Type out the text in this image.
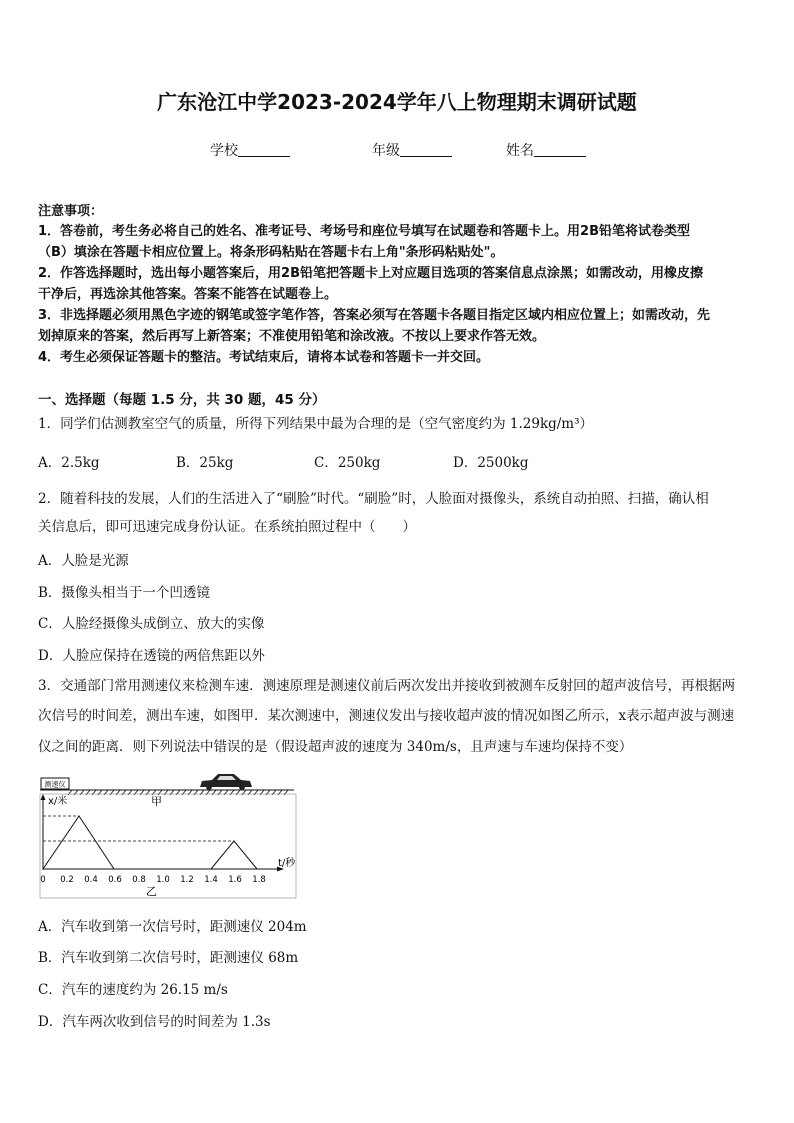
广东沧江中学2023-2024学年八上物理期末调研试题
学校	年级	姓名
注意事项：
1．答卷前，考生务必将自己的姓名、准考证号、考场号和座位号填写在试题卷和答题卡上。用2B铅笔将试卷类型
（B）填涂在答题卡相应位置上。将条形码粘贴在答题卡右上角"条形码粘贴处"。
2．作答选择题时，选出每小题答案后，用2B铅笔把答题卡上对应题目选项的答案信息点涂黑；如需改动，用橡皮擦
干净后，再选涂其他答案。答案不能答在试题卷上。
3．非选择题必须用黑色字迹的钢笔或签字笔作答，答案必须写在答题卡各题目指定区域内相应位置上；如需改动，先
划掉原来的答案，然后再写上新答案；不准使用铅笔和涂改液。不按以上要求作答无效。
4．考生必须保证答题卡的整洁。考试结束后，请将本试卷和答题卡一并交回。
一、选择题（每题 1.5 分，共 30 题，45 分）
1．同学们估测教室空气的质量，所得下列结果中最为合理的是（空气密度约为 1.29kg/m³）
A．2.5kg	B．25kg	C．250kg	D．2500kg
2．随着科技的发展，人们的生活进入了“刷脸”时代。“刷脸”时，人脸面对摄像头，系统自动拍照、扫描，确认相
关信息后，即可迅速完成身份认证。在系统拍照过程中（　　）
A．人脸是光源
B．摄像头相当于一个凹透镜
C．人脸经摄像头成倒立、放大的实像
D．人脸应保持在透镜的两倍焦距以外
3．交通部门常用测速仪来检测车速．测速原理是测速仪前后两次发出并接收到被测车反射回的超声波信号，再根据两
次信号的时间差，测出车速，如图甲．某次测速中，测速仪发出与接收超声波的情况如图乙所示，x表示超声波与测速
仪之间的距离．则下列说法中错误的是（假设超声波的速度为 340m/s，且声速与车速均保持不变）
测速仪
甲
x/米
t/秒
0 0.2 0.4 0.6 0.8 1.0 1.2 1.4 1.6 1.8
乙
A．汽车收到第一次信号时，距测速仪 204m
B．汽车收到第二次信号时，距测速仪 68m
C．汽车的速度约为 26.15 m/s
D．汽车两次收到信号的时间差为 1.3s
